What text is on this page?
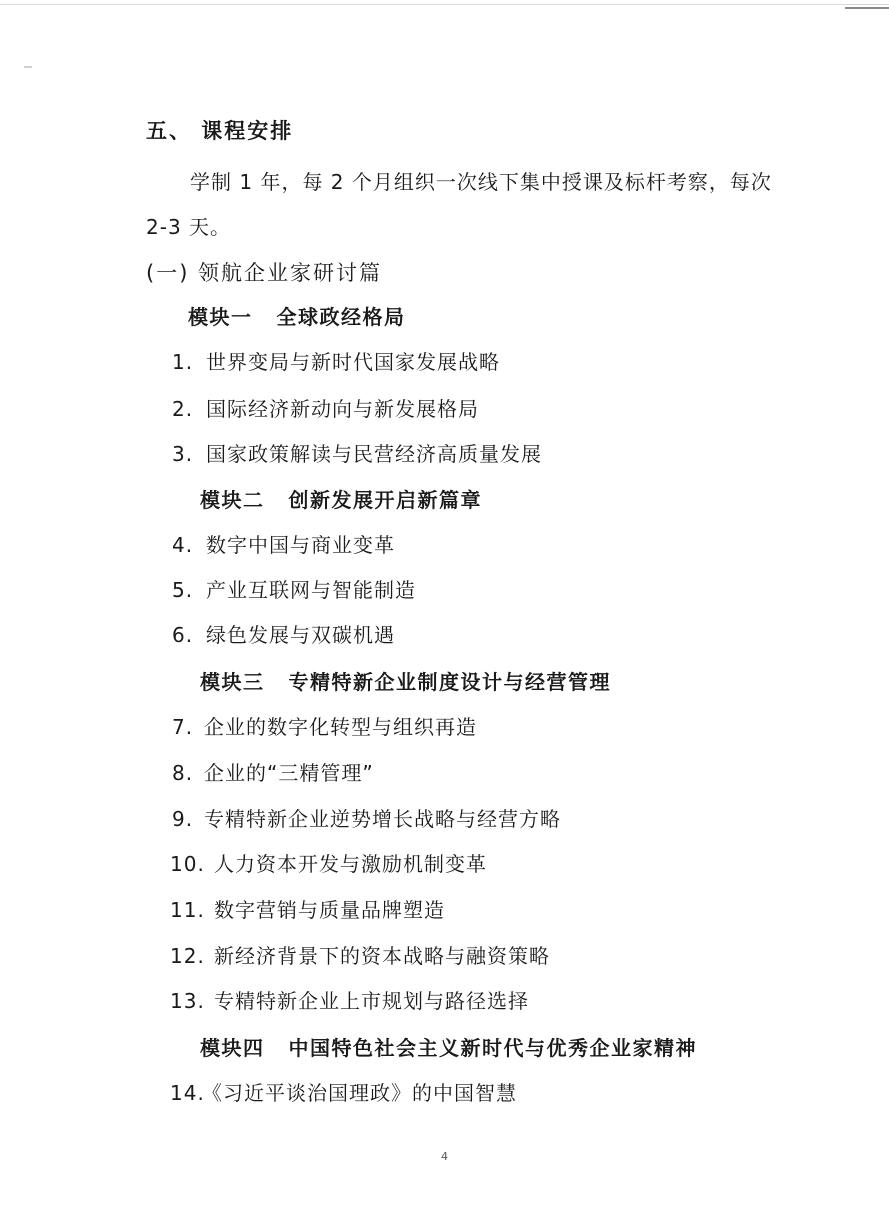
五、 课程安排
学制 1 年，每 2 个月组织一次线下集中授课及标杆考察，每次
2-3 天。
(一) 领航企业家研讨篇
模块一 全球政经格局
1. 世界变局与新时代国家发展战略
2. 国际经济新动向与新发展格局
3. 国家政策解读与民营经济高质量发展
模块二 创新发展开启新篇章
4. 数字中国与商业变革
5. 产业互联网与智能制造
6. 绿色发展与双碳机遇
模块三 专精特新企业制度设计与经营管理
7. 企业的数字化转型与组织再造
8. 企业的“三精管理”
9. 专精特新企业逆势增长战略与经营方略
10. 人力资本开发与激励机制变革
11. 数字营销与质量品牌塑造
12. 新经济背景下的资本战略与融资策略
13. 专精特新企业上市规划与路径选择
模块四 中国特色社会主义新时代与优秀企业家精神
14.《习近平谈治国理政》的中国智慧
4
